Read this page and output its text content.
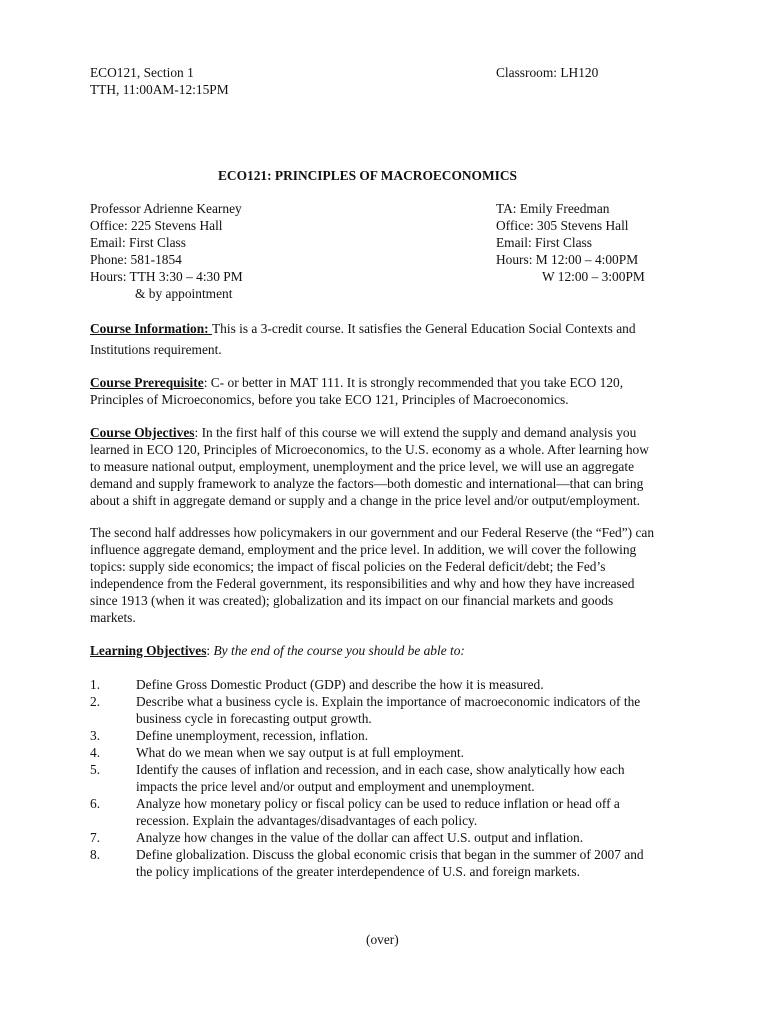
ECO121, Section 1
TTH, 11:00AM-12:15PM
Classroom: LH120
ECO121: PRINCIPLES OF MACROECONOMICS
Professor Adrienne Kearney
Office: 225 Stevens Hall
Email: First Class
Phone: 581-1854
Hours: TTH 3:30 – 4:30 PM
& by appointment
TA: Emily Freedman
Office: 305 Stevens Hall
Email: First Class
Hours: M 12:00 – 4:00PM
W 12:00 – 3:00PM
Course Information: This is a 3-credit course. It satisfies the General Education Social Contexts and
Institutions requirement.
Course Prerequisite: C- or better in MAT 111. It is strongly recommended that you take ECO 120,
Principles of Microeconomics, before you take ECO 121, Principles of Macroeconomics.
Course Objectives: In the first half of this course we will extend the supply and demand analysis you
learned in ECO 120, Principles of Microeconomics, to the U.S. economy as a whole. After learning how
to measure national output, employment, unemployment and the price level, we will use an aggregate
demand and supply framework to analyze the factors—both domestic and international—that can bring
about a shift in aggregate demand or supply and a change in the price level and/or output/employment.
The second half addresses how policymakers in our government and our Federal Reserve (the “Fed”) can
influence aggregate demand, employment and the price level. In addition, we will cover the following
topics: supply side economics; the impact of fiscal policies on the Federal deficit/debt; the Fed’s
independence from the Federal government, its responsibilities and why and how they have increased
since 1913 (when it was created); globalization and its impact on our financial markets and goods
markets.
Learning Objectives: By the end of the course you should be able to:
1.	Define Gross Domestic Product (GDP) and describe the how it is measured.
2.	Describe what a business cycle is. Explain the importance of macroeconomic indicators of the
business cycle in forecasting output growth.
3.	Define unemployment, recession, inflation.
4.	What do we mean when we say output is at full employment.
5.	Identify the causes of inflation and recession, and in each case, show analytically how each
impacts the price level and/or output and employment and unemployment.
6.	Analyze how monetary policy or fiscal policy can be used to reduce inflation or head off a
recession. Explain the advantages/disadvantages of each policy.
7.	Analyze how changes in the value of the dollar can affect U.S. output and inflation.
8.	Define globalization. Discuss the global economic crisis that began in the summer of 2007 and
the policy implications of the greater interdependence of U.S. and foreign markets.
(over)
